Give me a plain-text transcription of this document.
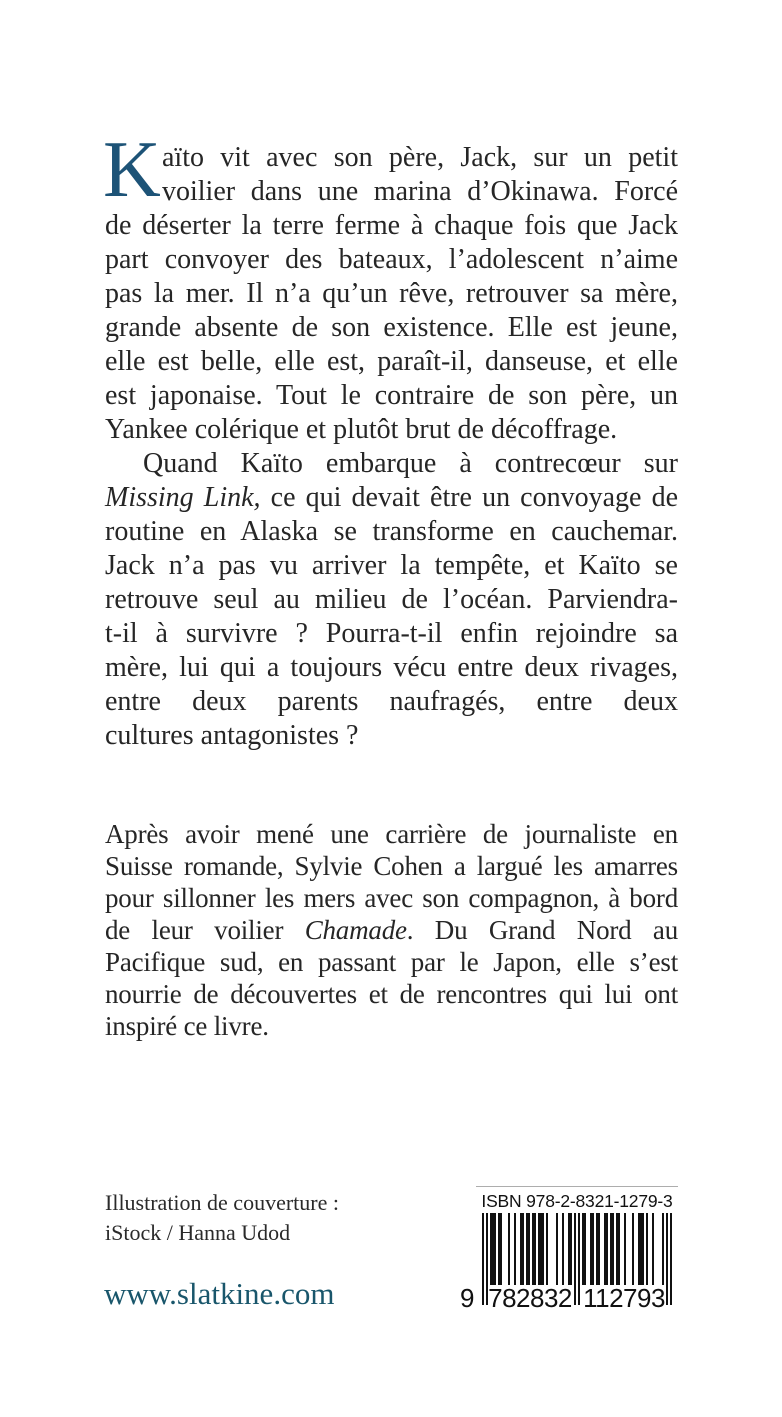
K aïto vit avec son père, Jack, sur un petit
voilier dans une marina d’Okinawa. Forcé
de déserter la terre ferme à chaque fois que Jack
part convoyer des bateaux, l’adolescent n’aime
pas la mer. Il n’a qu’un rêve, retrouver sa mère,
grande absente de son existence. Elle est jeune,
elle est belle, elle est, paraît-il, danseuse, et elle
est japonaise. Tout le contraire de son père, un
Yankee colérique et plutôt brut de décoffrage.
Quand Kaïto embarque à contrecœur sur
Missing Link, ce qui devait être un convoyage de
routine en Alaska se transforme en cauchemar.
Jack n’a pas vu arriver la tempête, et Kaïto se
retrouve seul au milieu de l’océan. Parviendra-
t-il à survivre ? Pourra-t-il enfin rejoindre sa
mère, lui qui a toujours vécu entre deux rivages,
entre deux parents naufragés, entre deux
cultures antagonistes ?
Après avoir mené une carrière de journaliste en
Suisse romande, Sylvie Cohen a largué les amarres
pour sillonner les mers avec son compagnon, à bord
de leur voilier Chamade. Du Grand Nord au
Pacifique sud, en passant par le Japon, elle s’est
nourrie de découvertes et de rencontres qui lui ont
inspiré ce livre.
Illustration de couverture :
iStock / Hanna Udod
www.slatkine.com
ISBN 978-2-8321-1279-3
9 782832 112793
